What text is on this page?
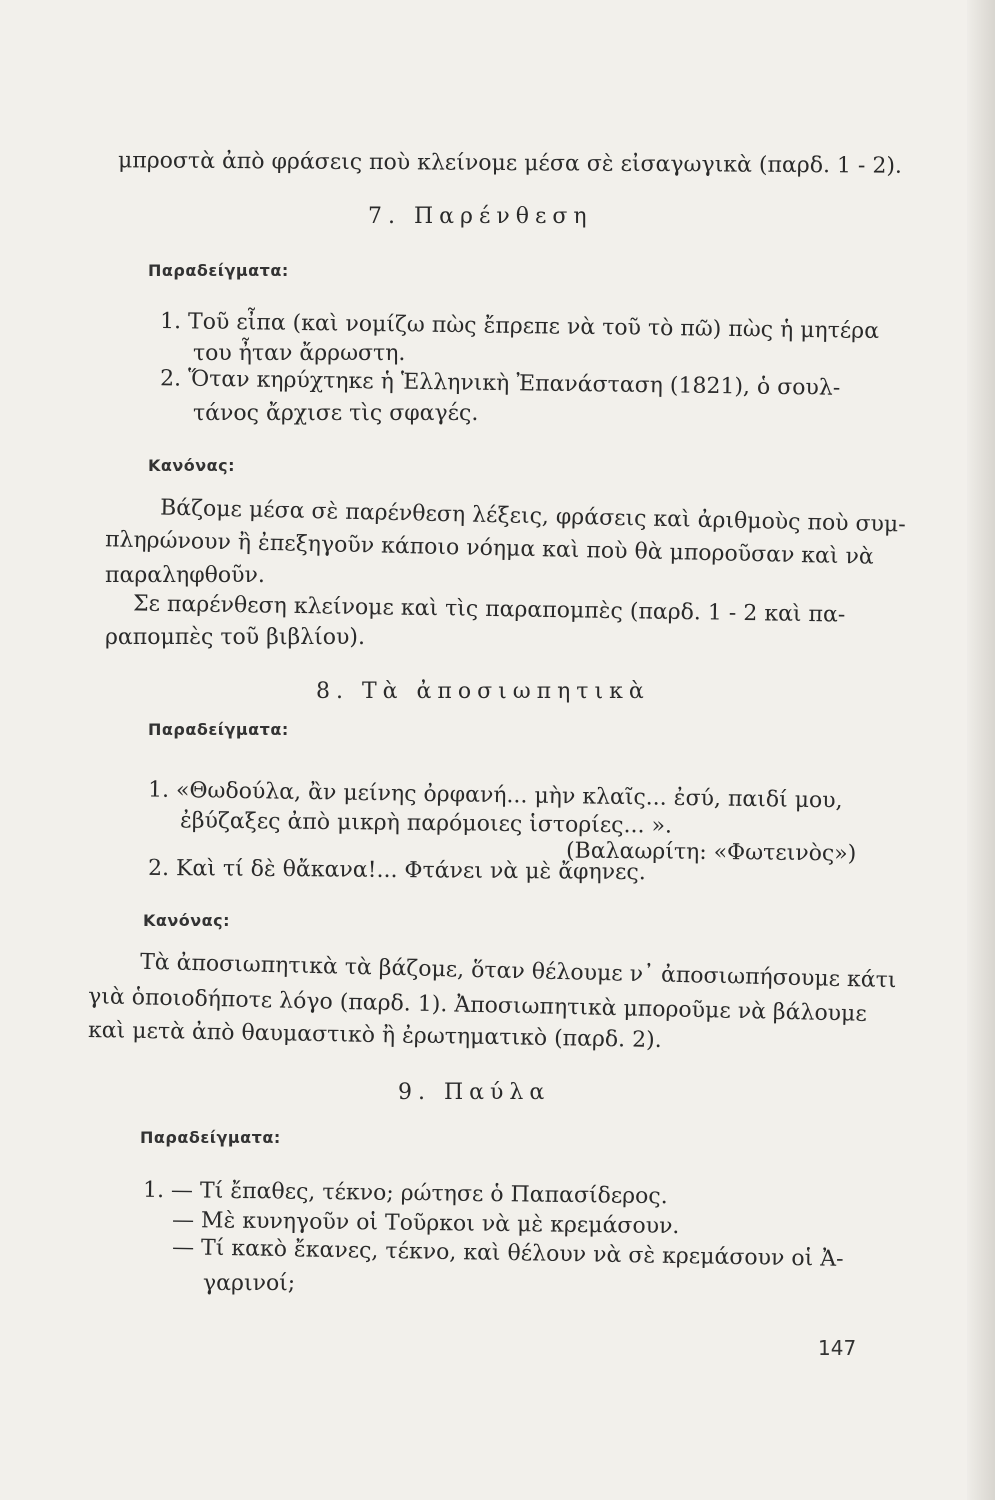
μπροστὰ ἀπὸ φράσεις ποὺ κλείνομε μέσα σὲ εἰσαγωγικὰ (παρδ. 1 - 2).
7. Παρένθεση
Παραδείγματα:
1. Τοῦ εἶπα (καὶ νομίζω πὼς ἔπρεπε νὰ τοῦ τὸ πῶ) πὼς ἡ μητέρα
του ἦταν ἄρρωστη.
2. Ὅταν κηρύχτηκε ἡ Ἑλληνικὴ Ἐπανάσταση (1821), ὁ σουλ-
τάνος ἄρχισε τὶς σφαγές.
Κανόνας:
Βάζομε μέσα σὲ παρένθεση λέξεις, φράσεις καὶ ἀριθμοὺς ποὺ συμ-
πληρώνουν ἢ ἐπεξηγοῦν κάποιο νόημα καὶ ποὺ θὰ μποροῦσαν καὶ νὰ
παραληφθοῦν.
Σε παρένθεση κλείνομε καὶ τὶς παραπομπὲς (παρδ. 1 - 2 καὶ πα-
ραπομπὲς τοῦ βιβλίου).
8. Τὰ ἀποσιωπητικὰ
Παραδείγματα:
1. «Θωδούλα, ἂν μείνης ὀρφανή... μὴν κλαῖς... ἐσύ, παιδί μου,
ἐβύζαξες ἀπὸ μικρὴ παρόμοιες ἱστορίες... ».
(Βαλαωρίτη: «Φωτεινὸς»)
2. Καὶ τί δὲ θἄκανα!... Φτάνει νὰ μὲ ἄφηνες.
Κανόνας:
Τὰ ἀποσιωπητικὰ τὰ βάζομε, ὅταν θέλουμε ν᾽ ἀποσιωπήσουμε κάτι
γιὰ ὁποιοδήποτε λόγο (παρδ. 1). Ἀποσιωπητικὰ μποροῦμε νὰ βάλουμε
καὶ μετὰ ἀπὸ θαυμαστικὸ ἢ ἐρωτηματικὸ (παρδ. 2).
9. Παύλα
Παραδείγματα:
1. — Τί ἔπαθες, τέκνο; ρώτησε ὁ Παπασίδερος.
— Μὲ κυνηγοῦν οἱ Τοῦρκοι νὰ μὲ κρεμάσουν.
— Τί κακὸ ἔκανες, τέκνο, καὶ θέλουν νὰ σὲ κρεμάσουν οἱ Ἀ-
γαρινοί;
147
